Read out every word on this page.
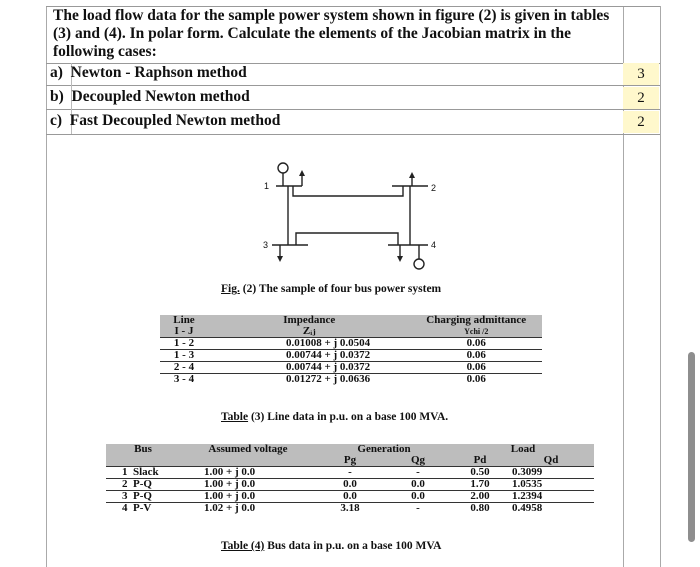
The load flow data for the sample power system shown in figure (2) is given in tables (3) and (4). In polar form. Calculate the elements of the Jacobian matrix in the following cases:
a) Newton - Raphson method
b) Decoupled Newton method
c) Fast Decoupled Newton method
3
2
2
1	2
3	4
Fig. (2) The sample of four bus power system
Line	Impedance	Charging admittance
I - J	Zᵢⱼ	Ychi /2
1 - 2	0.01008 + j 0.0504	0.06
1 - 3	0.00744 + j 0.0372	0.06
2 - 4	0.00744 + j 0.0372	0.06
3 - 4	0.01272 + j 0.0636	0.06
Table (3) Line data in p.u. on a base 100 MVA.
Bus	Assumed voltage	Generation		Load	
		Pg	Qg	Pd	Qd
1 Slack	1.00 + j 0.0	-	-	0.50	0.3099
2 P-Q	1.00 + j 0.0	0.0	0.0	1.70	1.0535
3 P-Q	1.00 + j 0.0	0.0	0.0	2.00	1.2394
4 P-V	1.02 + j 0.0	3.18	-	0.80	0.4958
Table (4) Bus data in p.u. on a base 100 MVA
